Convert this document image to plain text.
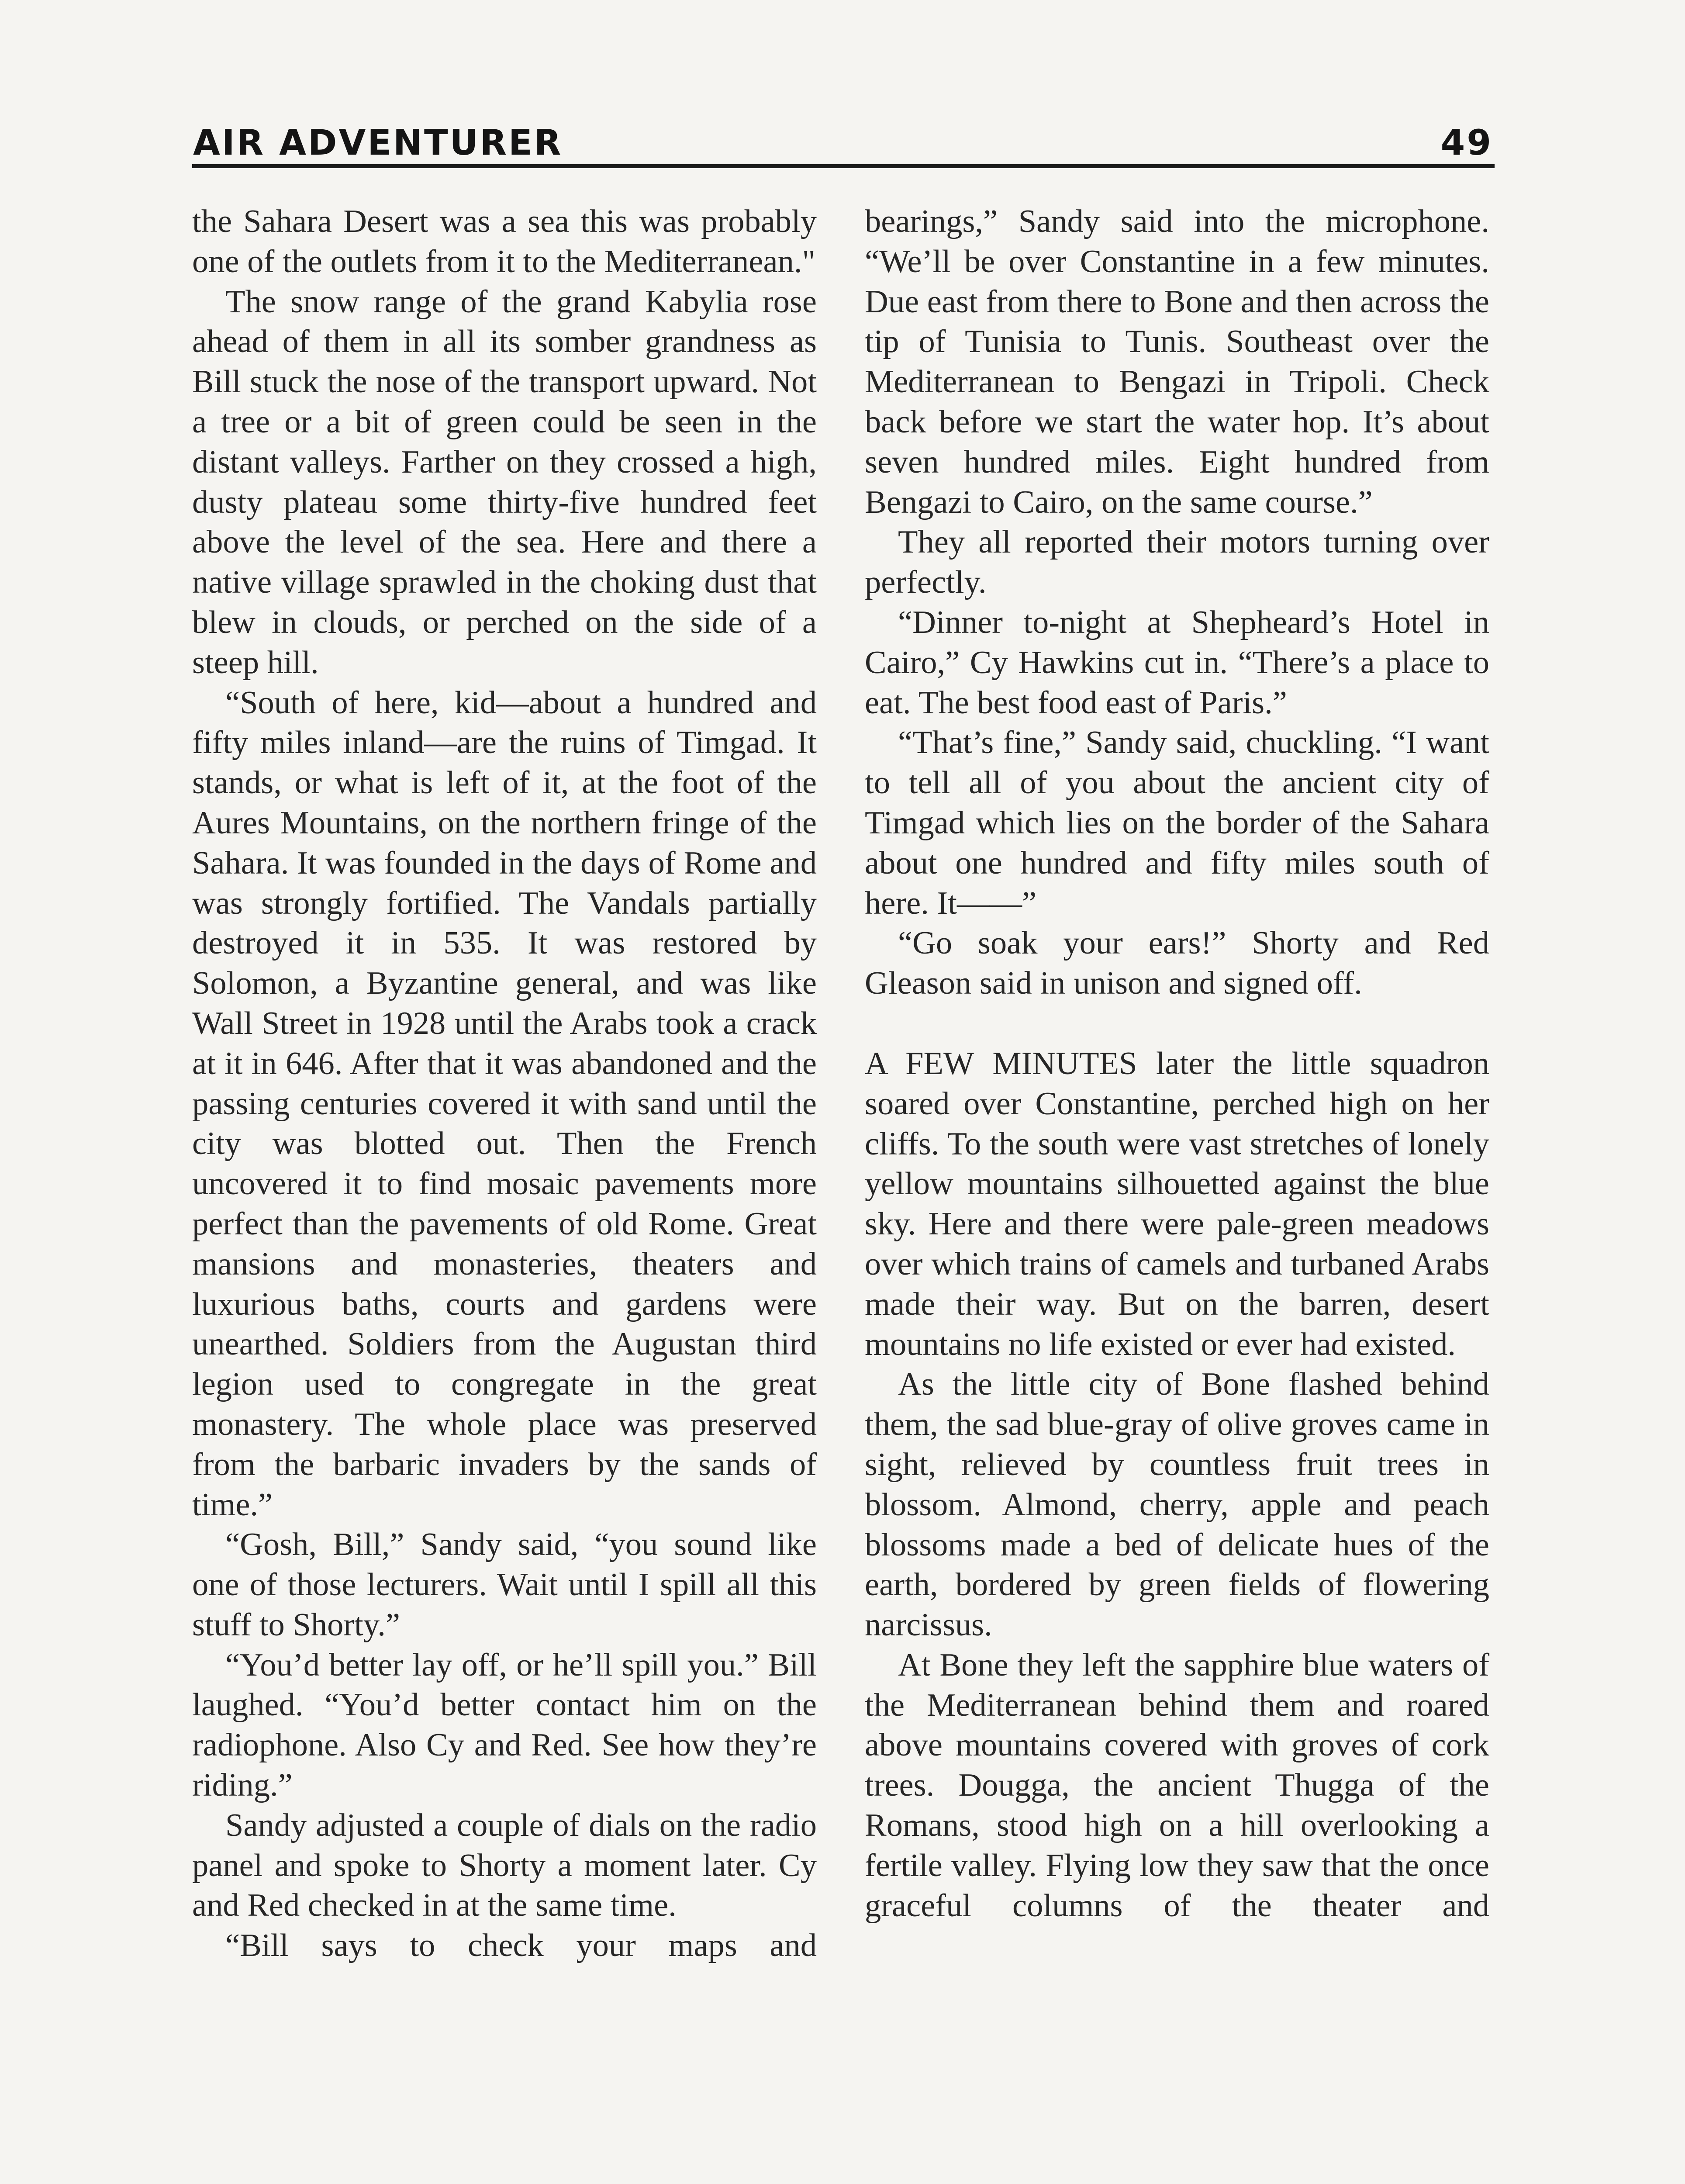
AIR ADVENTURER	49

the Sahara Desert was a sea this was probably one of the outlets from it to the Mediterranean."

The snow range of the grand Kabylia rose ahead of them in all its somber grandness as Bill stuck the nose of the transport upward. Not a tree or a bit of green could be seen in the distant valleys. Farther on they crossed a high, dusty plateau some thirty-five hundred feet above the level of the sea. Here and there a native village sprawled in the choking dust that blew in clouds, or perched on the side of a steep hill.

“South of here, kid—about a hundred and fifty miles inland—are the ruins of Timgad. It stands, or what is left of it, at the foot of the Aures Mountains, on the northern fringe of the Sahara. It was founded in the days of Rome and was strongly fortified. The Vandals partially destroyed it in 535. It was restored by Solomon, a Byzantine general, and was like Wall Street in 1928 until the Arabs took a crack at it in 646. After that it was abandoned and the passing centuries covered it with sand until the city was blotted out. Then the French uncovered it to find mosaic pavements more perfect than the pavements of old Rome. Great mansions and monasteries, theaters and luxurious baths, courts and gardens were unearthed. Soldiers from the Augustan third legion used to congregate in the great monastery. The whole place was preserved from the barbaric invaders by the sands of time.”

“Gosh, Bill,” Sandy said, “you sound like one of those lecturers. Wait until I spill all this stuff to Shorty.”

“You’d better lay off, or he’ll spill you.” Bill laughed. “You’d better contact him on the radiophone. Also Cy and Red. See how they’re riding.”

Sandy adjusted a couple of dials on the radio panel and spoke to Shorty a moment later. Cy and Red checked in at the same time.

“Bill says to check your maps and

bearings,” Sandy said into the microphone. “We’ll be over Constantine in a few minutes. Due east from there to Bone and then across the tip of Tunisia to Tunis. Southeast over the Mediterranean to Bengazi in Tripoli. Check back before we start the water hop. It’s about seven hundred miles. Eight hundred from Bengazi to Cairo, on the same course.”

They all reported their motors turning over perfectly.

“Dinner to-night at Shepheard’s Hotel in Cairo,” Cy Hawkins cut in. “There’s a place to eat. The best food east of Paris.”

“That’s fine,” Sandy said, chuckling. “I want to tell all of you about the ancient city of Timgad which lies on the border of the Sahara about one hundred and fifty miles south of here. It——”

“Go soak your ears!” Shorty and Red Gleason said in unison and signed off.

A FEW MINUTES later the little squadron soared over Constantine, perched high on her cliffs. To the south were vast stretches of lonely yellow mountains silhouetted against the blue sky. Here and there were pale-green meadows over which trains of camels and turbaned Arabs made their way. But on the barren, desert mountains no life existed or ever had existed.

As the little city of Bone flashed behind them, the sad blue-gray of olive groves came in sight, relieved by countless fruit trees in blossom. Almond, cherry, apple and peach blossoms made a bed of delicate hues of the earth, bordered by green fields of flowering narcissus.

At Bone they left the sapphire blue waters of the Mediterranean behind them and roared above mountains covered with groves of cork trees. Dougga, the ancient Thugga of the Romans, stood high on a hill overlooking a fertile valley. Flying low they saw that the once graceful columns of the theater and
